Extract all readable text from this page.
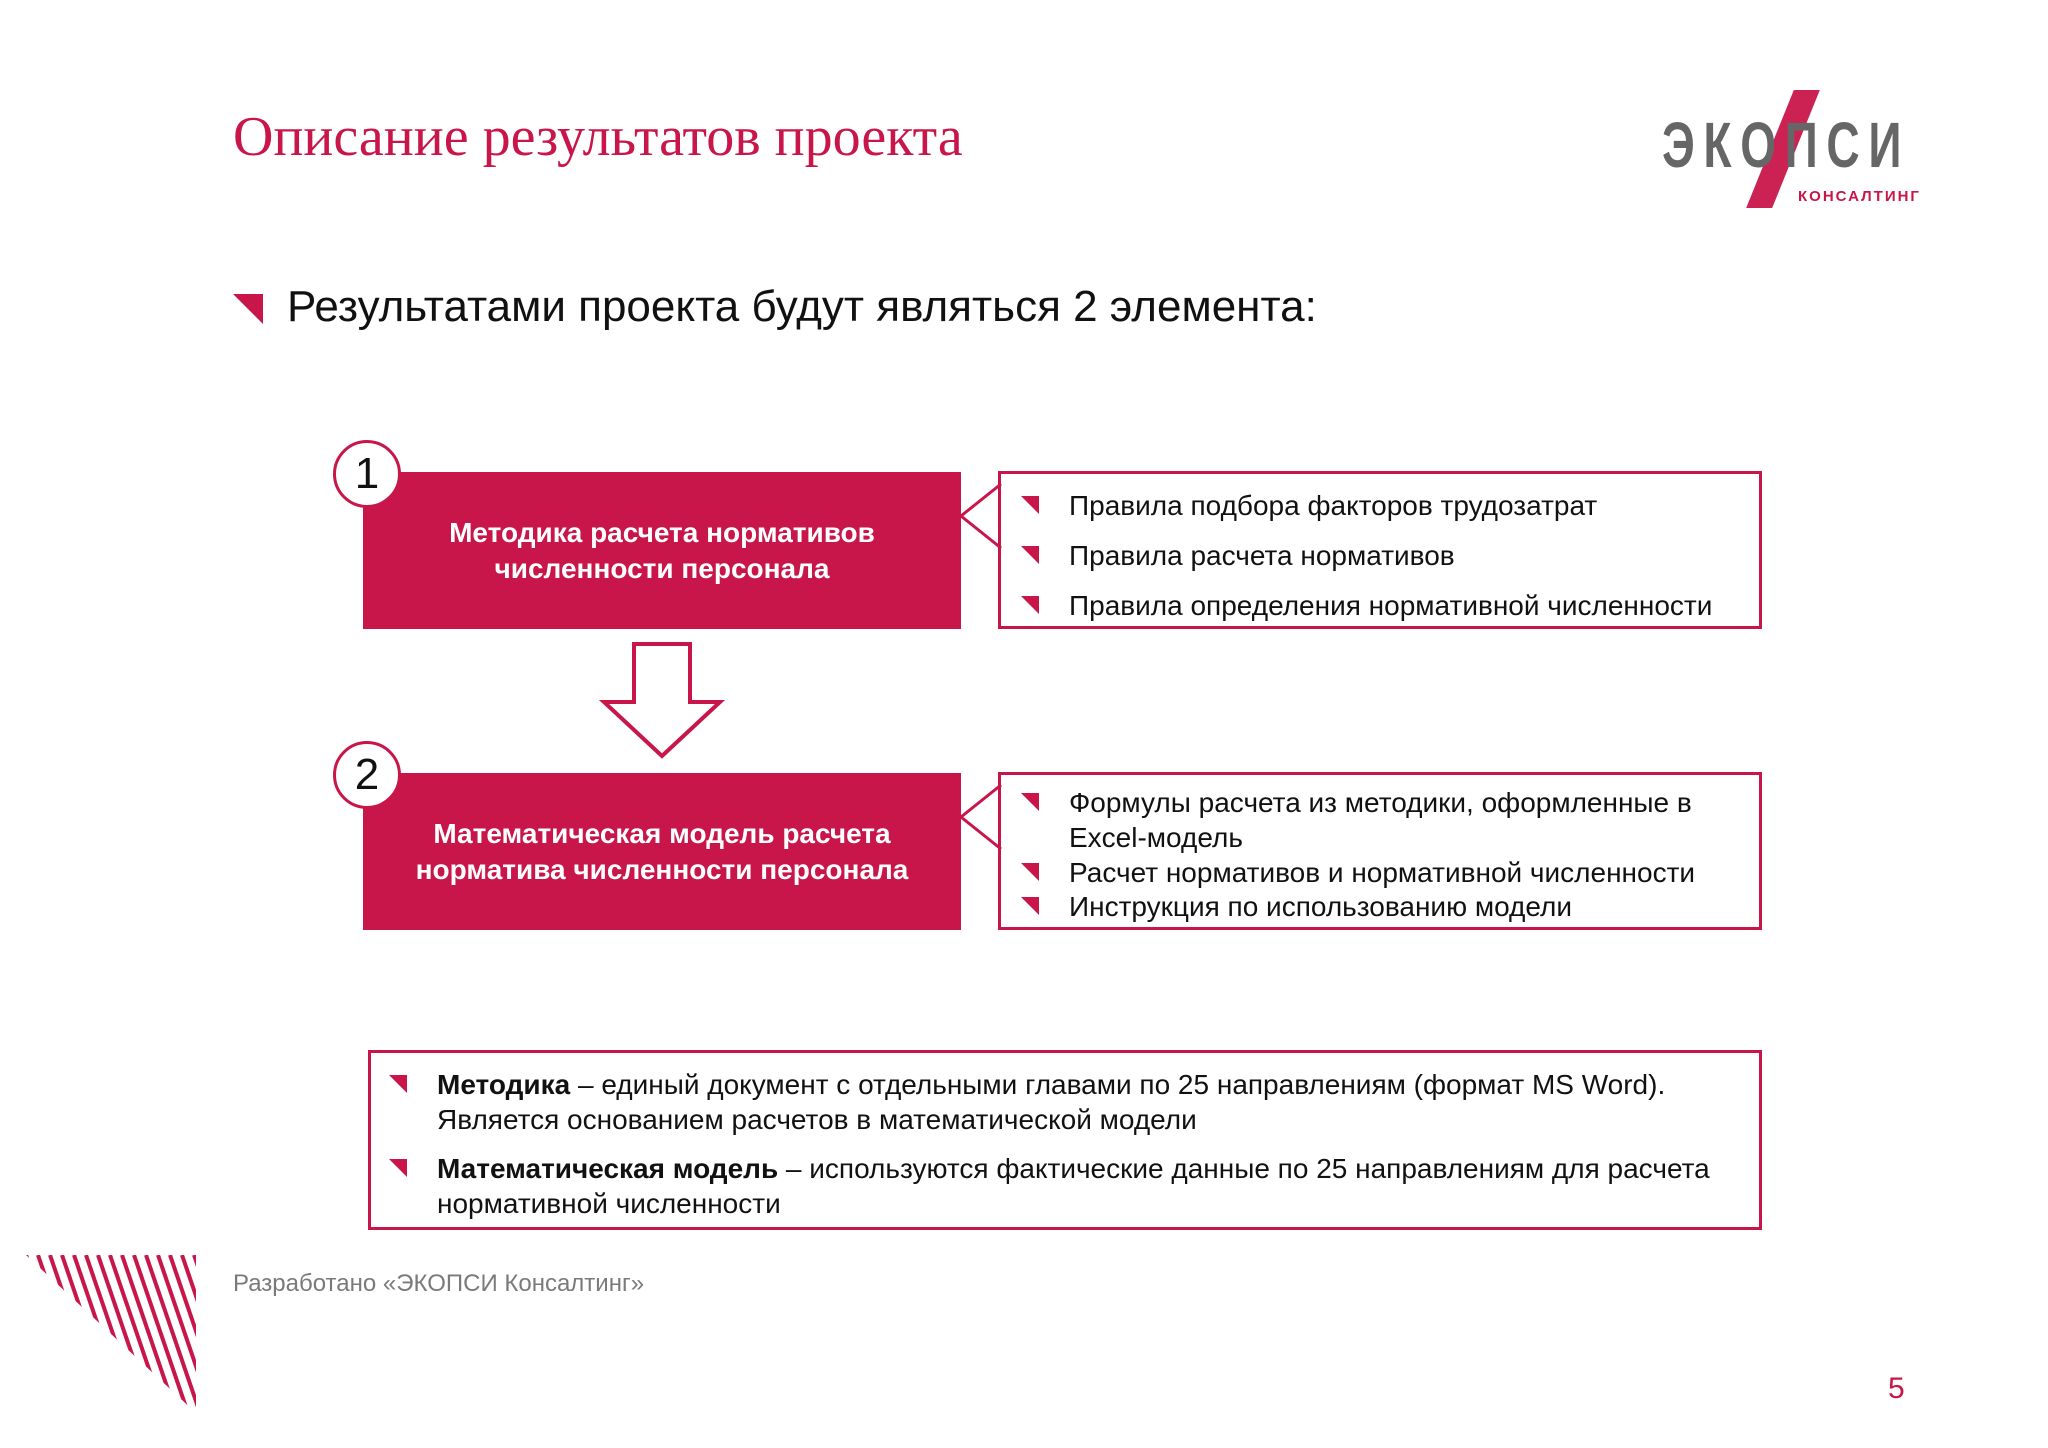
Описание результатов проекта	ЭКОПСИ
КОНСАЛТИНГ
Результатами проекта будут являться 2 элемента:
Методика расчета нормативов численности персонала
1
Правила подбора факторов трудозатрат
Правила расчета нормативов
Правила определения нормативной численности
Математическая модель расчета норматива численности персонала
2
Формулы расчета из методики, оформленные в Excel-модель
Расчет нормативов и нормативной численности
Инструкция по использованию модели
Методика – единый документ с отдельными главами по 25 направлениям (формат MS Word). Является основанием расчетов в математической модели
Математическая модель – используются фактические данные по 25 направлениям для расчета нормативной численности
Разработано «ЭКОПСИ Консалтинг»
5
